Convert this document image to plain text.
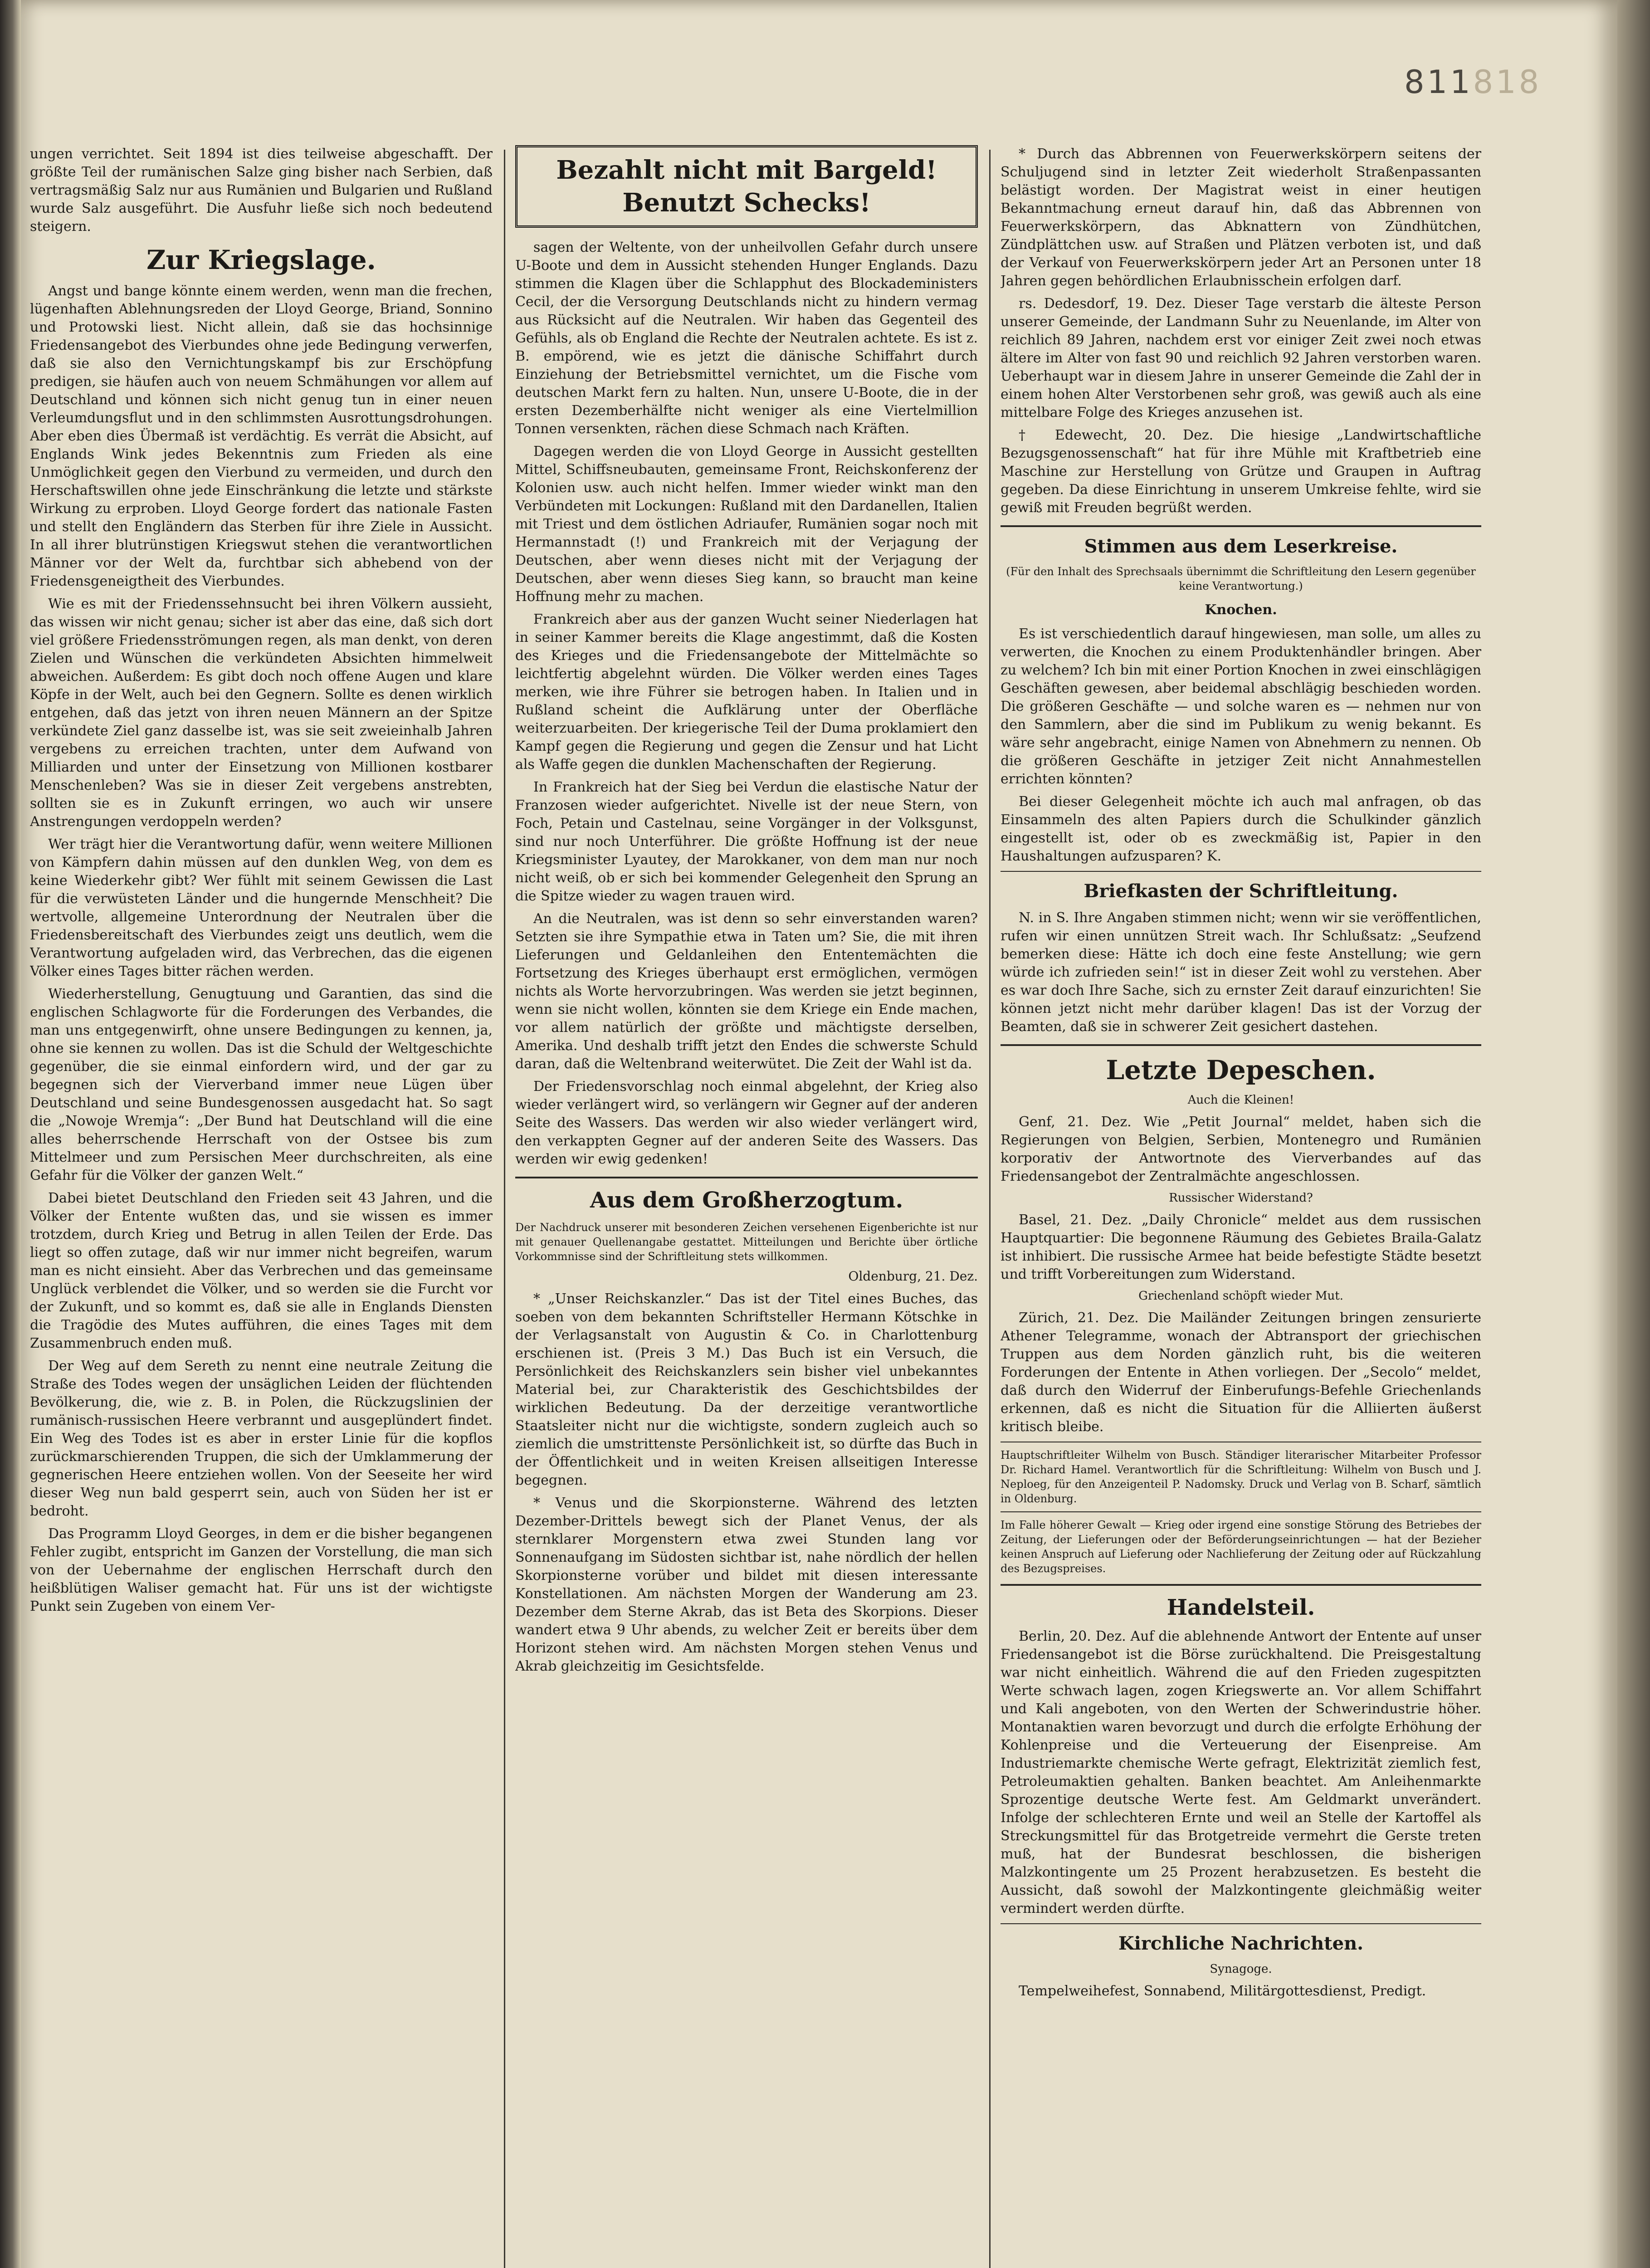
811818

ungen verrichtet. Seit 1894 ist dies teilweise abgeschafft. Der größte Teil der rumänischen Salze ging bisher nach Serbien, daß vertragsmäßig Salz nur aus Rumänien und Bulgarien und Rußland wurde Salz ausgeführt. Die Ausfuhr ließe sich noch bedeutend steigern.

Zur Kriegslage.

Angst und bange könnte einem werden, wenn man die frechen, lügenhaften Ablehnungsreden der Lloyd George, Briand, Sonnino und Protowski liest. Nicht allein, daß sie das hochsinnige Friedensangebot des Vierbundes ohne jede Bedingung verwerfen, daß sie also den Vernichtungskampf bis zur Erschöpfung predigen, sie häufen auch von neuem Schmähungen vor allem auf Deutschland und können sich nicht genug tun in einer neuen Verleumdungsflut und in den schlimmsten Ausrottungsdrohungen. Aber eben dies Übermaß ist verdächtig. Es verrät die Absicht, auf Englands Wink jedes Bekenntnis zum Frieden als eine Unmöglichkeit gegen den Vierbund zu vermeiden, und durch den Herschaftswillen ohne jede Einschränkung die letzte und stärkste Wirkung zu erproben. Lloyd George fordert das nationale Fasten und stellt den Engländern das Sterben für ihre Ziele in Aussicht. In all ihrer blutrünstigen Kriegswut stehen die verantwortlichen Männer vor der Welt da, furchtbar sich abhebend von der Friedensgeneigtheit des Vierbundes.

Wie es mit der Friedenssehnsucht bei ihren Völkern aussieht, das wissen wir nicht genau; sicher ist aber das eine, daß sich dort viel größere Friedensströmungen regen, als man denkt, von deren Zielen und Wünschen die verkündeten Absichten himmelweit abweichen. Außerdem: Es gibt doch noch offene Augen und klare Köpfe in der Welt, auch bei den Gegnern. Sollte es denen wirklich entgehen, daß das jetzt von ihren neuen Männern an der Spitze verkündete Ziel ganz dasselbe ist, was sie seit zweieinhalb Jahren vergebens zu erreichen trachten, unter dem Aufwand von Milliarden und unter der Einsetzung von Millionen kostbarer Menschenleben? Was sie in dieser Zeit vergebens anstrebten, sollten sie es in Zukunft erringen, wo auch wir unsere Anstrengungen verdoppeln werden?

Wer trägt hier die Verantwortung dafür, wenn weitere Millionen von Kämpfern dahin müssen auf den dunklen Weg, von dem es keine Wiederkehr gibt? Wer fühlt mit seinem Gewissen die Last für die verwüsteten Länder und die hungernde Menschheit? Die wertvolle, allgemeine Unterordnung der Neutralen über die Friedensbereitschaft des Vierbundes zeigt uns deutlich, wem die Verantwortung aufgeladen wird, das Verbrechen, das die eigenen Völker eines Tages bitter rächen werden.

Wiederherstellung, Genugtuung und Garantien, das sind die englischen Schlagworte für die Forderungen des Verbandes, die man uns entgegenwirft, ohne unsere Bedingungen zu kennen, ja, ohne sie kennen zu wollen. Das ist die Schuld der Weltgeschichte gegenüber, die sie einmal einfordern wird, und der gar zu begegnen sich der Vierverband immer neue Lügen über Deutschland und seine Bundesgenossen ausgedacht hat. So sagt die „Nowoje Wremja“: „Der Bund hat Deutschland will die eine alles beherrschende Herrschaft von der Ostsee bis zum Mittelmeer und zum Persischen Meer durchschreiten, als eine Gefahr für die Völker der ganzen Welt.“

Dabei bietet Deutschland den Frieden seit 43 Jahren, und die Völker der Entente wußten das, und sie wissen es immer trotzdem, durch Krieg und Betrug in allen Teilen der Erde. Das liegt so offen zutage, daß wir nur immer nicht begreifen, warum man es nicht einsieht. Aber das Verbrechen und das gemeinsame Unglück verblendet die Völker, und so werden sie die Furcht vor der Zukunft, und so kommt es, daß sie alle in Englands Diensten die Tragödie des Mutes aufführen, die eines Tages mit dem Zusammenbruch enden muß.

Der Weg auf dem Sereth zu nennt eine neutrale Zeitung die Straße des Todes wegen der unsäglichen Leiden der flüchtenden Bevölkerung, die, wie z. B. in Polen, die Rückzugslinien der rumänisch-russischen Heere verbrannt und ausgeplündert findet. Ein Weg des Todes ist es aber in erster Linie für die kopflos zurückmarschierenden Truppen, die sich der Umklammerung der gegnerischen Heere entziehen wollen. Von der Seeseite her wird dieser Weg nun bald gesperrt sein, auch von Süden her ist er bedroht.

Das Programm Lloyd Georges, in dem er die bisher begangenen Fehler zugibt, entspricht im Ganzen der Vorstellung, die man sich von der Uebernahme der englischen Herrschaft durch den heißblütigen Waliser gemacht hat. Für uns ist der wichtigste Punkt sein Zugeben von einem Ver-

Bezahlt nicht mit Bargeld!
Benutzt Schecks!

sagen der Weltente, von der unheilvollen Gefahr durch unsere U-Boote und dem in Aussicht stehenden Hunger Englands. Dazu stimmen die Klagen über die Schlapphut des Blockadeministers Cecil, der die Versorgung Deutschlands nicht zu hindern vermag aus Rücksicht auf die Neutralen. Wir haben das Gegenteil des Gefühls, als ob England die Rechte der Neutralen achtete. Es ist z. B. empörend, wie es jetzt die dänische Schiffahrt durch Einziehung der Betriebsmittel vernichtet, um die Fische vom deutschen Markt fern zu halten. Nun, unsere U-Boote, die in der ersten Dezemberhälfte nicht weniger als eine Viertelmillion Tonnen versenkten, rächen diese Schmach nach Kräften.

Dagegen werden die von Lloyd George in Aussicht gestellten Mittel, Schiffsneubauten, gemeinsame Front, Reichskonferenz der Kolonien usw. auch nicht helfen. Immer wieder winkt man den Verbündeten mit Lockungen: Rußland mit den Dardanellen, Italien mit Triest und dem östlichen Adriaufer, Rumänien sogar noch mit Hermannstadt (!) und Frankreich mit der Verjagung der Deutschen, aber wenn dieses nicht mit der Verjagung der Deutschen, aber wenn dieses Sieg kann, so braucht man keine Hoffnung mehr zu machen.

Frankreich aber aus der ganzen Wucht seiner Niederlagen hat in seiner Kammer bereits die Klage angestimmt, daß die Kosten des Krieges und die Friedensangebote der Mittelmächte so leichtfertig abgelehnt würden. Die Völker werden eines Tages merken, wie ihre Führer sie betrogen haben. In Italien und in Rußland scheint die Aufklärung unter der Oberfläche weiterzuarbeiten. Der kriegerische Teil der Duma proklamiert den Kampf gegen die Regierung und gegen die Zensur und hat Licht als Waffe gegen die dunklen Machenschaften der Regierung.

In Frankreich hat der Sieg bei Verdun die elastische Natur der Franzosen wieder aufgerichtet. Nivelle ist der neue Stern, von Foch, Petain und Castelnau, seine Vorgänger in der Volksgunst, sind nur noch Unterführer. Die größte Hoffnung ist der neue Kriegsminister Lyautey, der Marokkaner, von dem man nur noch nicht weiß, ob er sich bei kommender Gelegenheit den Sprung an die Spitze wieder zu wagen trauen wird.

An die Neutralen, was ist denn so sehr einverstanden waren? Setzten sie ihre Sympathie etwa in Taten um? Sie, die mit ihren Lieferungen und Geldanleihen den Ententemächten die Fortsetzung des Krieges überhaupt erst ermöglichen, vermögen nichts als Worte hervorzubringen. Was werden sie jetzt beginnen, wenn sie nicht wollen, könnten sie dem Kriege ein Ende machen, vor allem natürlich der größte und mächtigste derselben, Amerika. Und deshalb trifft jetzt den Endes die schwerste Schuld daran, daß die Weltenbrand weiterwütet. Die Zeit der Wahl ist da.

Der Friedensvorschlag noch einmal abgelehnt, der Krieg also wieder verlängert wird, so verlängern wir Gegner auf der anderen Seite des Wassers. Das werden wir also wieder verlängert wird, den verkappten Gegner auf der anderen Seite des Wassers. Das werden wir ewig gedenken!

Aus dem Großherzogtum.

Der Nachdruck unserer mit besonderen Zeichen versehenen Eigenberichte ist nur mit genauer Quellenangabe gestattet. Mitteilungen und Berichte über örtliche Vorkommnisse sind der Schriftleitung stets willkommen.

Oldenburg, 21. Dez.

* „Unser Reichskanzler.“ Das ist der Titel eines Buches, das soeben von dem bekannten Schriftsteller Hermann Kötschke in der Verlagsanstalt von Augustin & Co. in Charlottenburg erschienen ist. (Preis 3 M.) Das Buch ist ein Versuch, die Persönlichkeit des Reichskanzlers sein bisher viel unbekanntes Material bei, zur Charakteristik des Geschichtsbildes der wirklichen Bedeutung. Da der derzeitige verantwortliche Staatsleiter nicht nur die wichtigste, sondern zugleich auch so ziemlich die umstrittenste Persönlichkeit ist, so dürfte das Buch in der Öffentlichkeit und in weiten Kreisen allseitigen Interesse begegnen.

* Venus und die Skorpionsterne. Während des letzten Dezember-Drittels bewegt sich der Planet Venus, der als sternklarer Morgenstern etwa zwei Stunden lang vor Sonnenaufgang im Südosten sichtbar ist, nahe nördlich der hellen Skorpionsterne vorüber und bildet mit diesen interessante Konstellationen. Am nächsten Morgen der Wanderung am 23. Dezember dem Sterne Akrab, das ist Beta des Skorpions. Dieser wandert etwa 9 Uhr abends, zu welcher Zeit er bereits über dem Horizont stehen wird. Am nächsten Morgen stehen Venus und Akrab gleichzeitig im Gesichtsfelde.

* Durch das Abbrennen von Feuerwerkskörpern seitens der Schuljugend sind in letzter Zeit wiederholt Straßenpassanten belästigt worden. Der Magistrat weist in einer heutigen Bekanntmachung erneut darauf hin, daß das Abbrennen von Feuerwerkskörpern, das Abknattern von Zündhütchen, Zündplättchen usw. auf Straßen und Plätzen verboten ist, und daß der Verkauf von Feuerwerkskörpern jeder Art an Personen unter 18 Jahren gegen behördlichen Erlaubnisschein erfolgen darf.

rs. Dedesdorf, 19. Dez. Dieser Tage verstarb die älteste Person unserer Gemeinde, der Landmann Suhr zu Neuenlande, im Alter von reichlich 89 Jahren, nachdem erst vor einiger Zeit zwei noch etwas ältere im Alter von fast 90 und reichlich 92 Jahren verstorben waren. Ueberhaupt war in diesem Jahre in unserer Gemeinde die Zahl der in einem hohen Alter Verstorbenen sehr groß, was gewiß auch als eine mittelbare Folge des Krieges anzusehen ist.

† Edewecht, 20. Dez. Die hiesige „Landwirtschaftliche Bezugsgenossenschaft“ hat für ihre Mühle mit Kraftbetrieb eine Maschine zur Herstellung von Grütze und Graupen in Auftrag gegeben. Da diese Einrichtung in unserem Umkreise fehlte, wird sie gewiß mit Freuden begrüßt werden.

Stimmen aus dem Leserkreise.

(Für den Inhalt des Sprechsaals übernimmt die Schriftleitung den Lesern gegenüber keine Verantwortung.)

Knochen.

Es ist verschiedentlich darauf hingewiesen, man solle, um alles zu verwerten, die Knochen zu einem Produktenhändler bringen. Aber zu welchem? Ich bin mit einer Portion Knochen in zwei einschlägigen Geschäften gewesen, aber beidemal abschlägig beschieden worden. Die größeren Geschäfte — und solche waren es — nehmen nur von den Sammlern, aber die sind im Publikum zu wenig bekannt. Es wäre sehr angebracht, einige Namen von Abnehmern zu nennen. Ob die größeren Geschäfte in jetziger Zeit nicht Annahmestellen errichten könnten?

Bei dieser Gelegenheit möchte ich auch mal anfragen, ob das Einsammeln des alten Papiers durch die Schulkinder gänzlich eingestellt ist, oder ob es zweckmäßig ist, Papier in den Haushaltungen aufzusparen? K.

Briefkasten der Schriftleitung.

N. in S. Ihre Angaben stimmen nicht; wenn wir sie veröffentlichen, rufen wir einen unnützen Streit wach. Ihr Schlußsatz: „Seufzend bemerken diese: Hätte ich doch eine feste Anstellung; wie gern würde ich zufrieden sein!“ ist in dieser Zeit wohl zu verstehen. Aber es war doch Ihre Sache, sich zu ernster Zeit darauf einzurichten! Sie können jetzt nicht mehr darüber klagen! Das ist der Vorzug der Beamten, daß sie in schwerer Zeit gesichert dastehen.

Letzte Depeschen.

Auch die Kleinen!

Genf, 21. Dez. Wie „Petit Journal“ meldet, haben sich die Regierungen von Belgien, Serbien, Montenegro und Rumänien korporativ der Antwortnote des Vierverbandes auf das Friedensangebot der Zentralmächte angeschlossen.

Russischer Widerstand?

Basel, 21. Dez. „Daily Chronicle“ meldet aus dem russischen Hauptquartier: Die begonnene Räumung des Gebietes Braila-Galatz ist inhibiert. Die russische Armee hat beide befestigte Städte besetzt und trifft Vorbereitungen zum Widerstand.

Griechenland schöpft wieder Mut.

Zürich, 21. Dez. Die Mailänder Zeitungen bringen zensurierte Athener Telegramme, wonach der Abtransport der griechischen Truppen aus dem Norden gänzlich ruht, bis die weiteren Forderungen der Entente in Athen vorliegen. Der „Secolo“ meldet, daß durch den Widerruf der Einberufungs-Befehle Griechenlands erkennen, daß es nicht die Situation für die Alliierten äußerst kritisch bleibe.

Hauptschriftleiter Wilhelm von Busch. Ständiger literarischer Mitarbeiter Professor Dr. Richard Hamel. Verantwortlich für die Schriftleitung: Wilhelm von Busch und J. Neploeg, für den Anzeigenteil P. Nadomsky. Druck und Verlag von B. Scharf, sämtlich in Oldenburg.

Im Falle höherer Gewalt — Krieg oder irgend eine sonstige Störung des Betriebes der Zeitung, der Lieferungen oder der Beförderungseinrichtungen — hat der Bezieher keinen Anspruch auf Lieferung oder Nachlieferung der Zeitung oder auf Rückzahlung des Bezugspreises.

Handelsteil.

Berlin, 20. Dez. Auf die ablehnende Antwort der Entente auf unser Friedensangebot ist die Börse zurückhaltend. Die Preisgestaltung war nicht einheitlich. Während die auf den Frieden zugespitzten Werte schwach lagen, zogen Kriegswerte an. Vor allem Schiffahrt und Kali angeboten, von den Werten der Schwerindustrie höher. Montanaktien waren bevorzugt und durch die erfolgte Erhöhung der Kohlenpreise und die Verteuerung der Eisenpreise. Am Industriemarkte chemische Werte gefragt, Elektrizität ziemlich fest, Petroleumaktien gehalten. Banken beachtet. Am Anleihenmarkte Sprozentige deutsche Werte fest. Am Geldmarkt unverändert. Infolge der schlechteren Ernte und weil an Stelle der Kartoffel als Streckungsmittel für das Brotgetreide vermehrt die Gerste treten muß, hat der Bundesrat beschlossen, die bisherigen Malzkontingente um 25 Prozent herabzusetzen. Es besteht die Aussicht, daß sowohl der Malzkontingente gleichmäßig weiter vermindert werden dürfte.

Kirchliche Nachrichten.

Synagoge.

Tempelweihefest, Sonnabend, Militärgottesdienst, Predigt.
